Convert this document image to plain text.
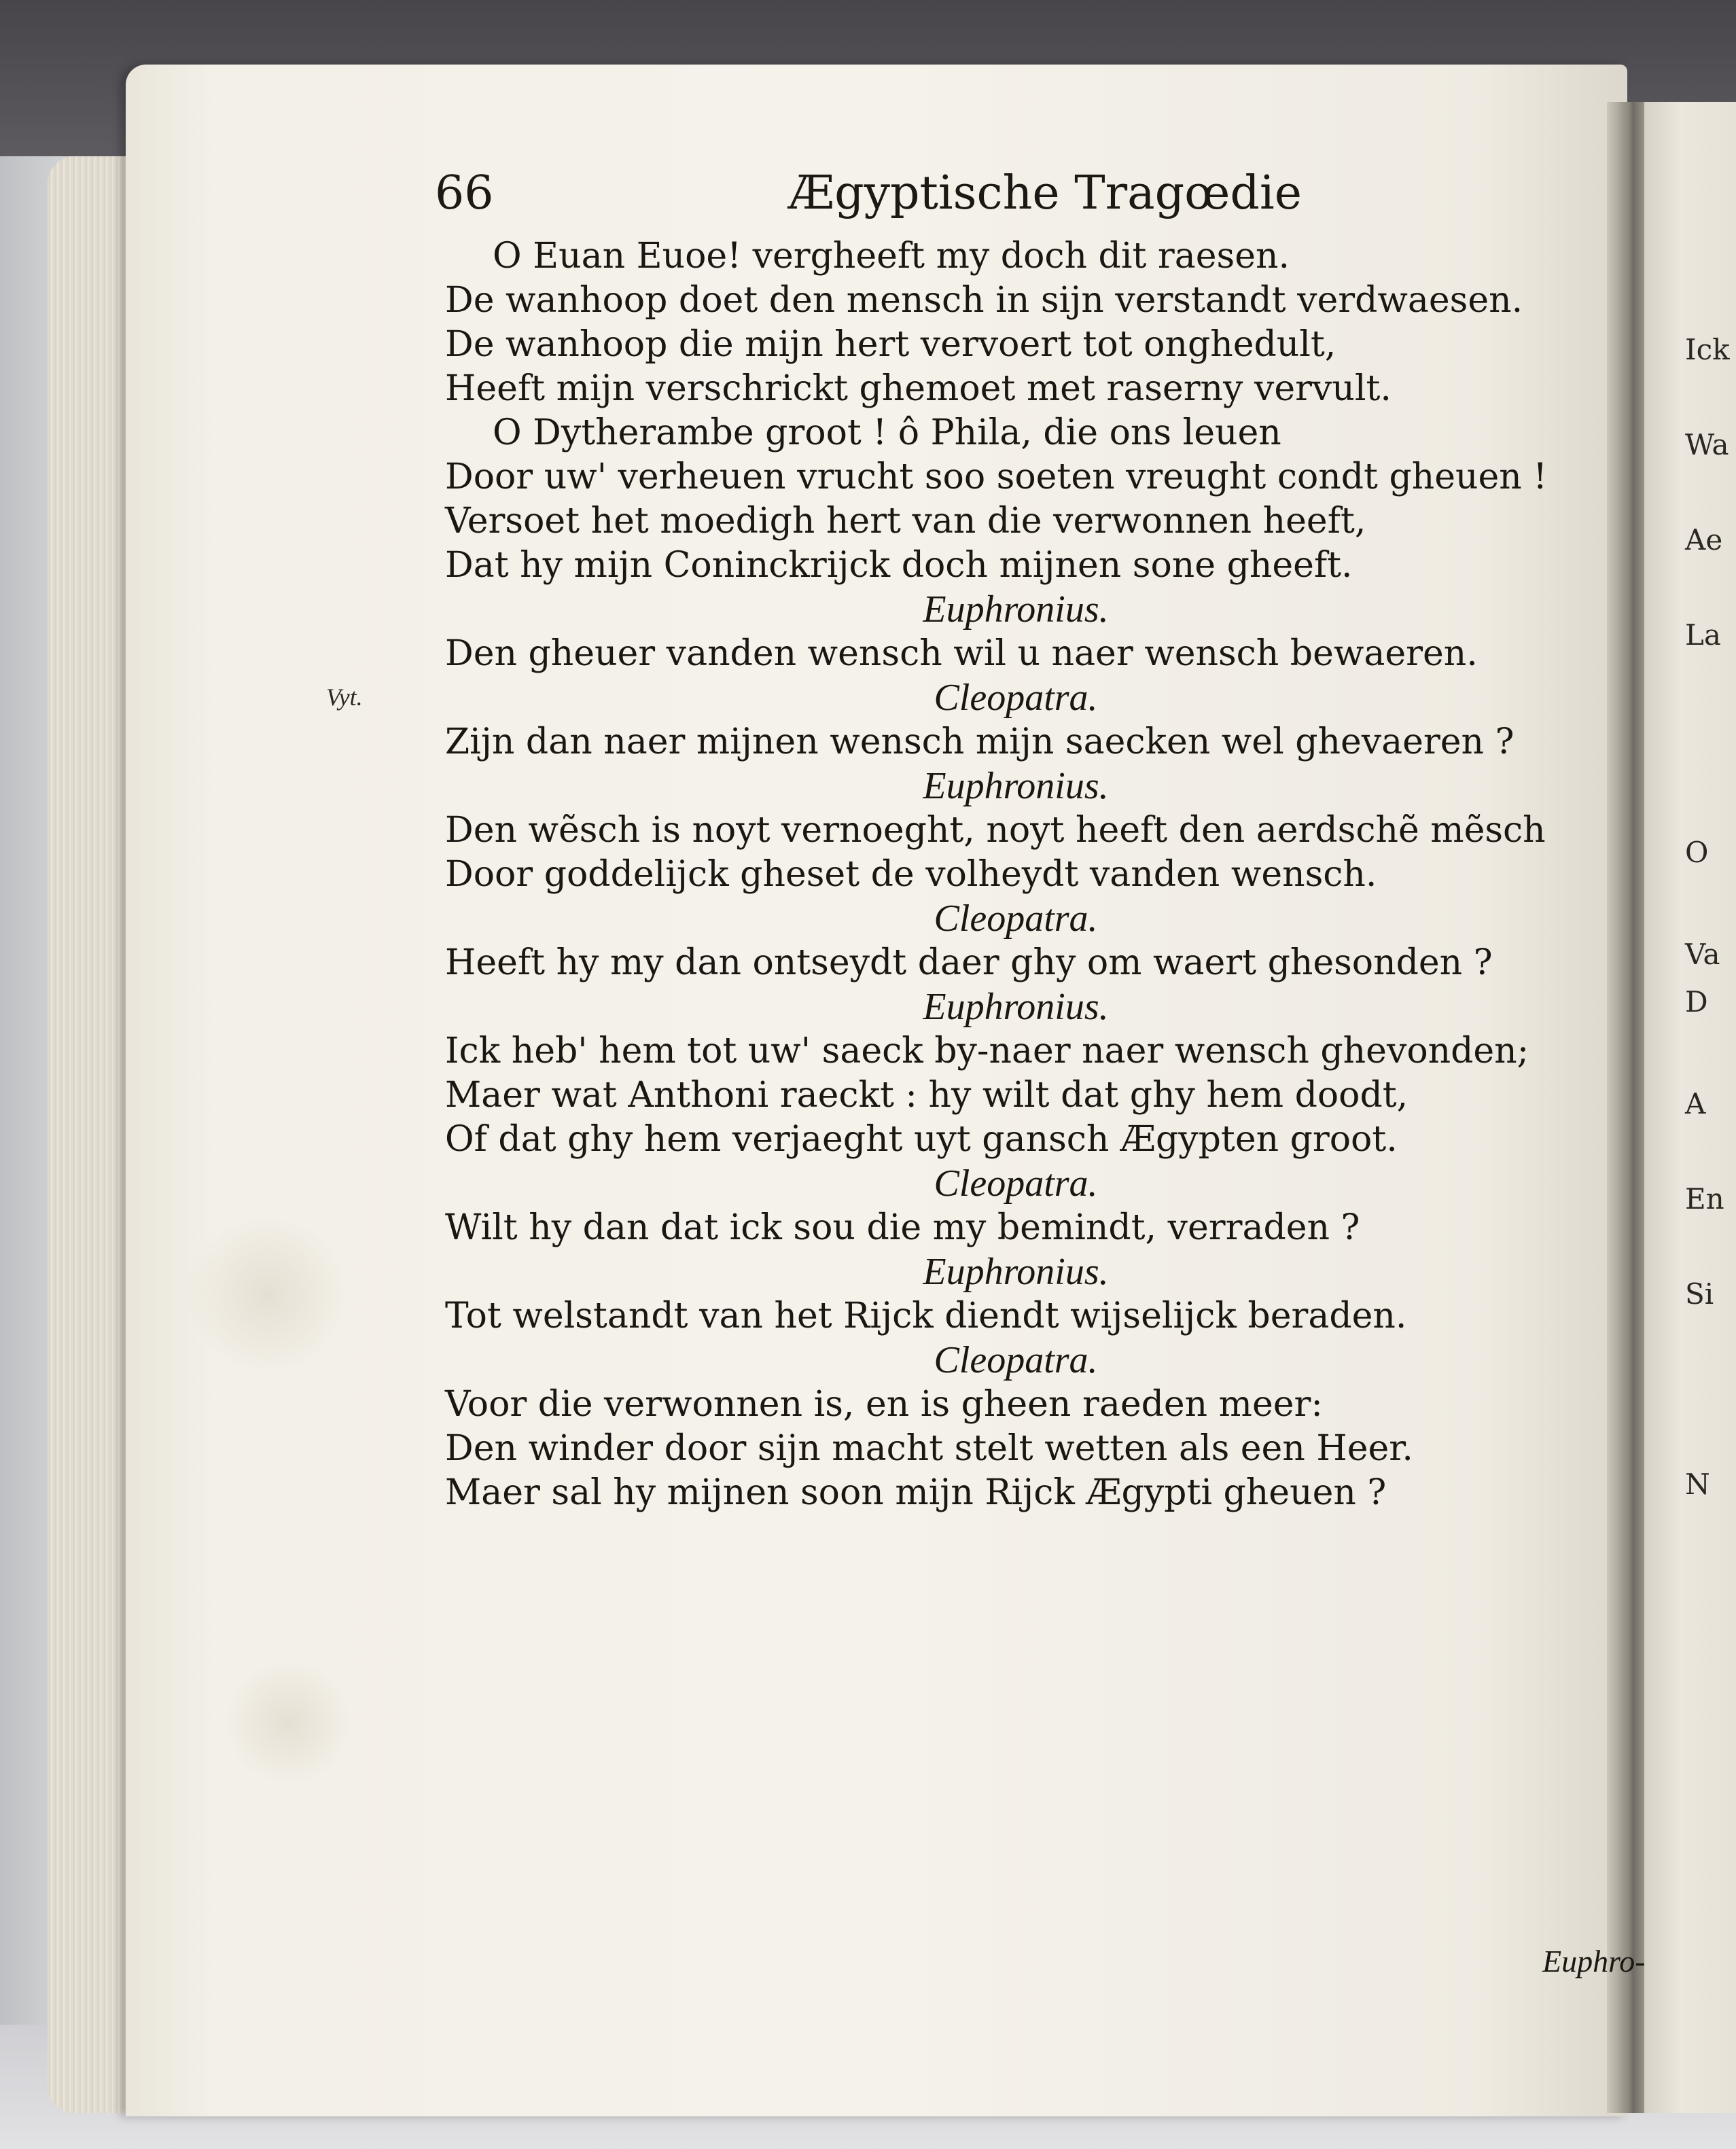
Ick
Wa
Ae
La
O
Va
D
A
En
Si
N
66	Ægyptische Tragœdie
Vyt.
O Euan Euoe! vergheeft my doch dit raesen.
De wanhoop doet den mensch in sijn verstandt verdwaesen.
De wanhoop die mijn hert vervoert tot onghedult,
Heeft mijn verschrickt ghemoet met raserny vervult.
O Dytherambe groot ! ô Phila, die ons leuen
Door uw' verheuen vrucht soo soeten vreught condt gheuen !
Versoet het moedigh hert van die verwonnen heeft,
Dat hy mijn Coninckrijck doch mijnen sone gheeft.
Euphronius.
Den gheuer vanden wensch wil u naer wensch bewaeren.
Cleopatra.
Zijn dan naer mijnen wensch mijn saecken wel ghevaeren ?
Euphronius.
Den wẽsch is noyt vernoeght, noyt heeft den aerdschẽ mẽsch
Door goddelijck gheset de volheydt vanden wensch.
Cleopatra.
Heeft hy my dan ontseydt daer ghy om waert ghesonden ?
Euphronius.
Ick heb' hem tot uw' saeck by-naer naer wensch ghevonden;
Maer wat Anthoni raeckt : hy wilt dat ghy hem doodt,
Of dat ghy hem verjaeght uyt gansch Ægypten groot.
Cleopatra.
Wilt hy dan dat ick sou die my bemindt, verraden ?
Euphronius.
Tot welstandt van het Rijck diendt wijselijck beraden.
Cleopatra.
Voor die verwonnen is, en is gheen raeden meer:
Den winder door sijn macht stelt wetten als een Heer.
Maer sal hy mijnen soon mijn Rijck Ægypti gheuen ?
Euphro-
